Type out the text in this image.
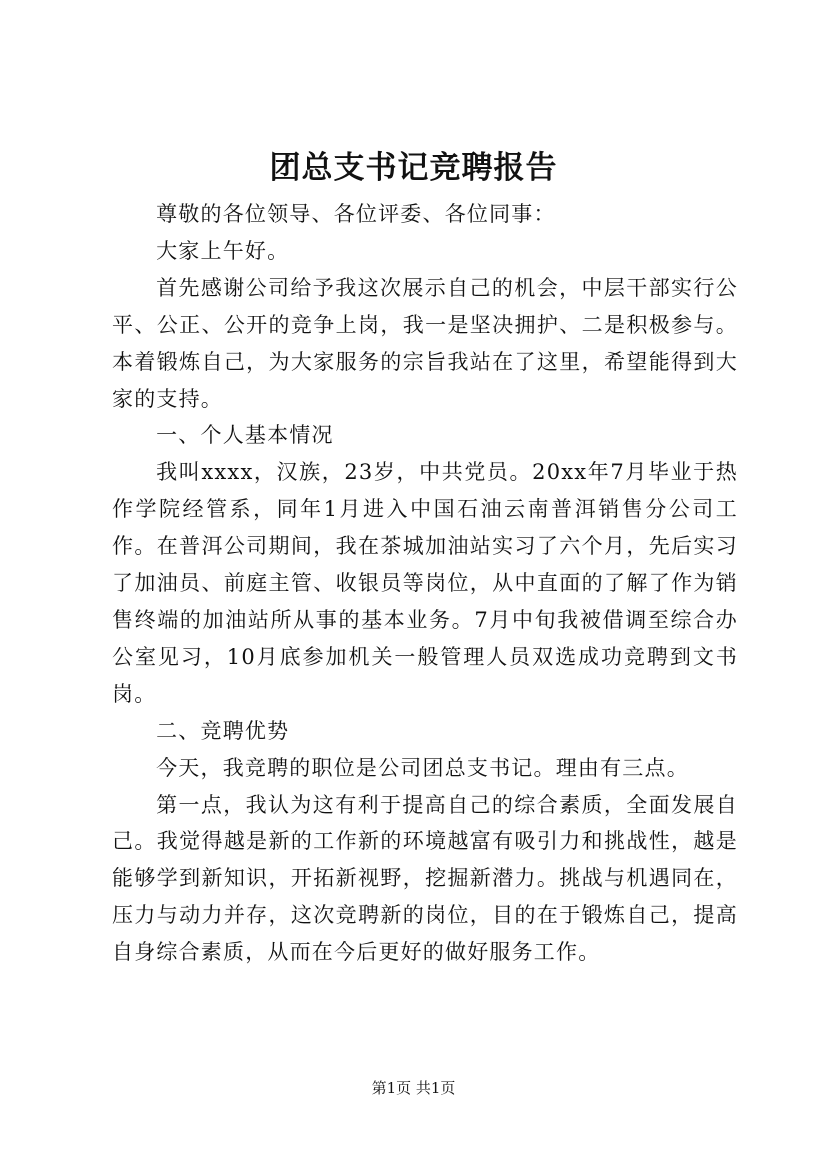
团总支书记竞聘报告

尊敬的各位领导、各位评委、各位同事：

大家上午好。

首先感谢公司给予我这次展示自己的机会，中层干部实行公平、公正、公开的竞争上岗，我一是坚决拥护、二是积极参与。本着锻炼自己，为大家服务的宗旨我站在了这里，希望能得到大家的支持。

一、个人基本情况

我叫xxxx，汉族，23岁，中共党员。20xx年7月毕业于热作学院经管系，同年1月进入中国石油云南普洱销售分公司工作。在普洱公司期间，我在茶城加油站实习了六个月，先后实习了加油员、前庭主管、收银员等岗位，从中直面的了解了作为销售终端的加油站所从事的基本业务。7月中旬我被借调至综合办公室见习，10月底参加机关一般管理人员双选成功竞聘到文书岗。

二、竞聘优势

今天，我竞聘的职位是公司团总支书记。理由有三点。

第一点，我认为这有利于提高自己的综合素质，全面发展自己。我觉得越是新的工作新的环境越富有吸引力和挑战性，越是能够学到新知识，开拓新视野，挖掘新潜力。挑战与机遇同在，压力与动力并存，这次竞聘新的岗位，目的在于锻炼自己，提高自身综合素质，从而在今后更好的做好服务工作。

第1页 共1页
